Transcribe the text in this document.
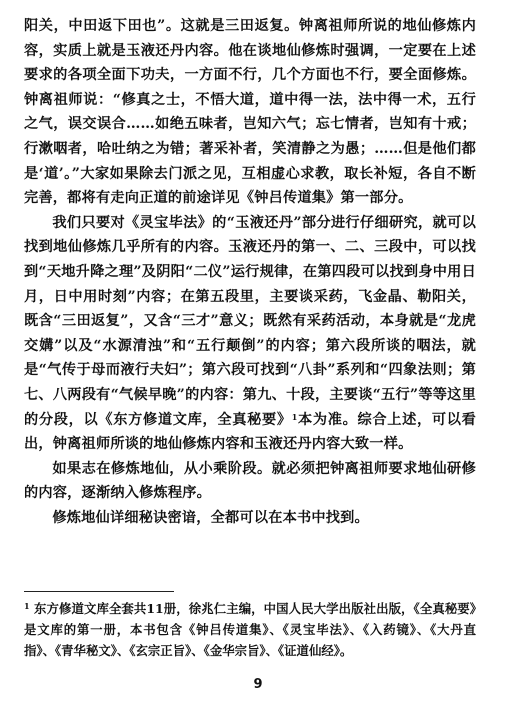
阳关，中田返下田也”。这就是三田返复。钟离祖师所说的地仙修炼内容，实质上就是玉液还丹内容。他在谈地仙修炼时强调，一定要在上述要求的各项全面下功夫，一方面不行，几个方面也不行，要全面修炼。钟离祖师说：“修真之士，不悟大道，道中得一法，法中得一术，五行之气，误交误合……如绝五味者，岂知六气；忘七情者，岂知有十戒；行漱咽者，哈吐纳之为错；著采补者，笑清静之为愚；……但是他们都是‘道’。”大家如果除去门派之见，互相虚心求教，取长补短，各自不断完善，都将有走向正道的前途详见《钟吕传道集》第一部分。

我们只要对《灵宝毕法》的“玉液还丹”部分进行仔细研究，就可以找到地仙修炼几乎所有的内容。玉液还丹的第一、二、三段中，可以找到“天地升降之理”及阴阳“二仪”运行规律，在第四段可以找到身中用日月，日中用时刻”内容；在第五段里，主要谈采药，飞金晶、勒阳关，既含“三田返复”，又含“三才”意义；既然有采药活动，本身就是“龙虎交媾”以及“水源清浊”和“五行颠倒”的内容；第六段所谈的咽法，就是“气传于母而液行夫妇”；第六段可找到“八卦”系列和“四象法则；第七、八两段有“气候早晚”的内容：第九、十段，主要谈“五行”等等这里的分段，以《东方修道文库，全真秘要》$^1$本为准。综合上述，可以看出，钟离祖师所谈的地仙修炼内容和玉液还丹内容大致一样。

如果志在修炼地仙，从小乘阶段。就必须把钟离祖师要求地仙研修的内容，逐渐纳入修炼程序。

修炼地仙详细秘诀密谙，全都可以在本书中找到。

$^1$ 东方修道文库全套共11册，徐兆仁主编，中国人民大学出版社出版，《全真秘要》是文库的第一册，本书包含《钟吕传道集》、《灵宝毕法》、《入药镜》、《大丹直指》、《青华秘文》、《玄宗正旨》、《金华宗旨》、《证道仙经》。
9
